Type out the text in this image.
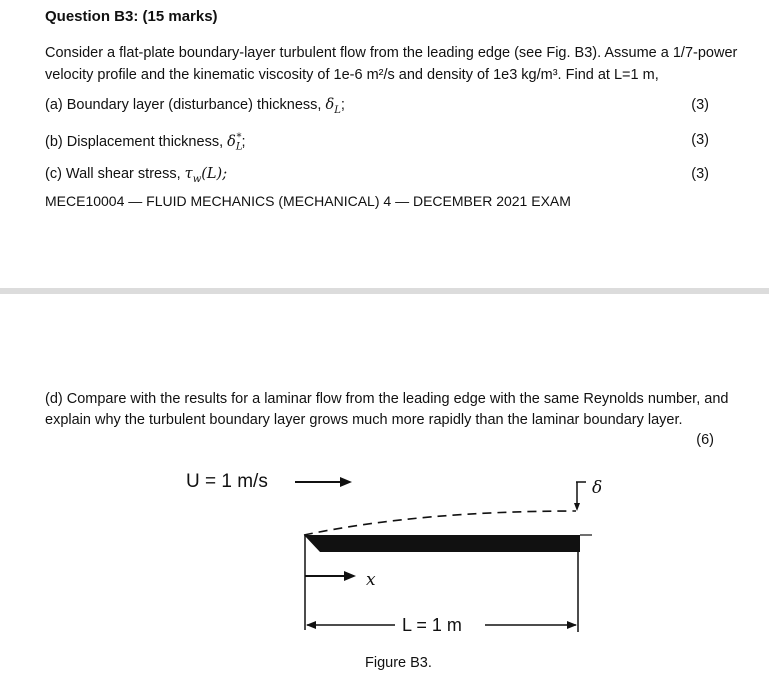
Question B3: (15 marks)
Consider a flat-plate boundary-layer turbulent flow from the leading edge (see Fig. B3). Assume a 1/7-power velocity profile and the kinematic viscosity of 1e-6 m²/s and density of 1e3 kg/m³. Find at L=1 m,
(a) Boundary layer (disturbance) thickness, $\delta_L$;	(3)
(b) Displacement thickness, $\delta_L^*$;	(3)
(c) Wall shear stress, $\tau_w(L)$;	(3)
MECE10004 — FLUID MECHANICS (MECHANICAL) 4 — DECEMBER 2021 EXAM
(d) Compare with the results for a laminar flow from the leading edge with the same Reynolds number, and explain why the turbulent boundary layer grows much more rapidly than the laminar boundary layer.
(6)
U = 1 m/s	δ
x
L = 1 m
Figure B3.
